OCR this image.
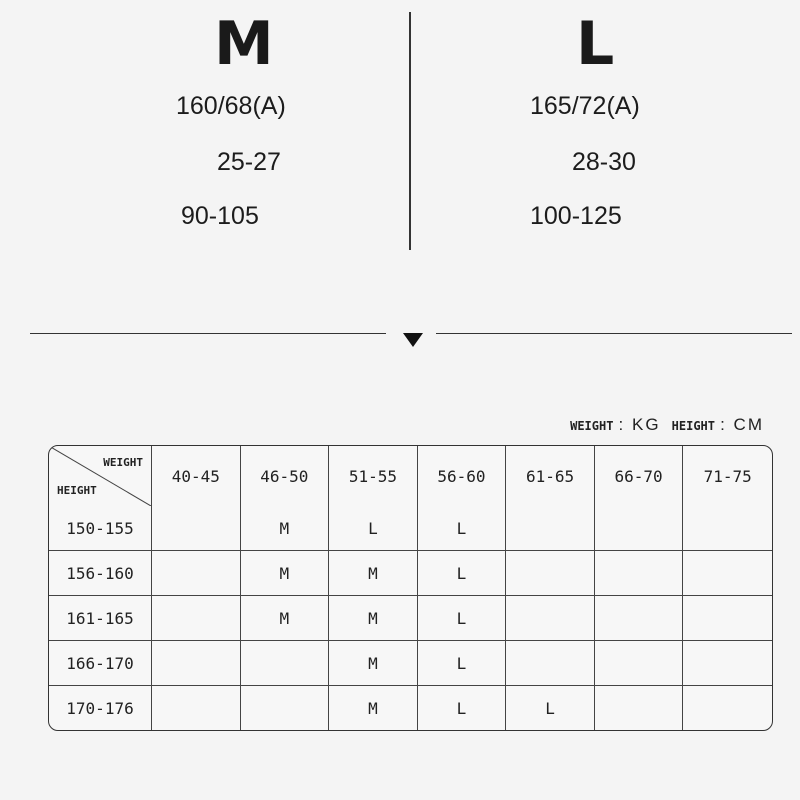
M
160/68(A)
25-27
90-105
L
165/72(A)
28-30
100-125
WEIGHT : KG HEIGHT : CM
WEIGHT
HEIGHT	40-45	46-50	51-55	56-60	61-65	66-70	71-75
150-155		M	L	L			
156-160		M	M	L			
161-165		M	M	L			
166-170			M	L			
170-176			M	L	L		
